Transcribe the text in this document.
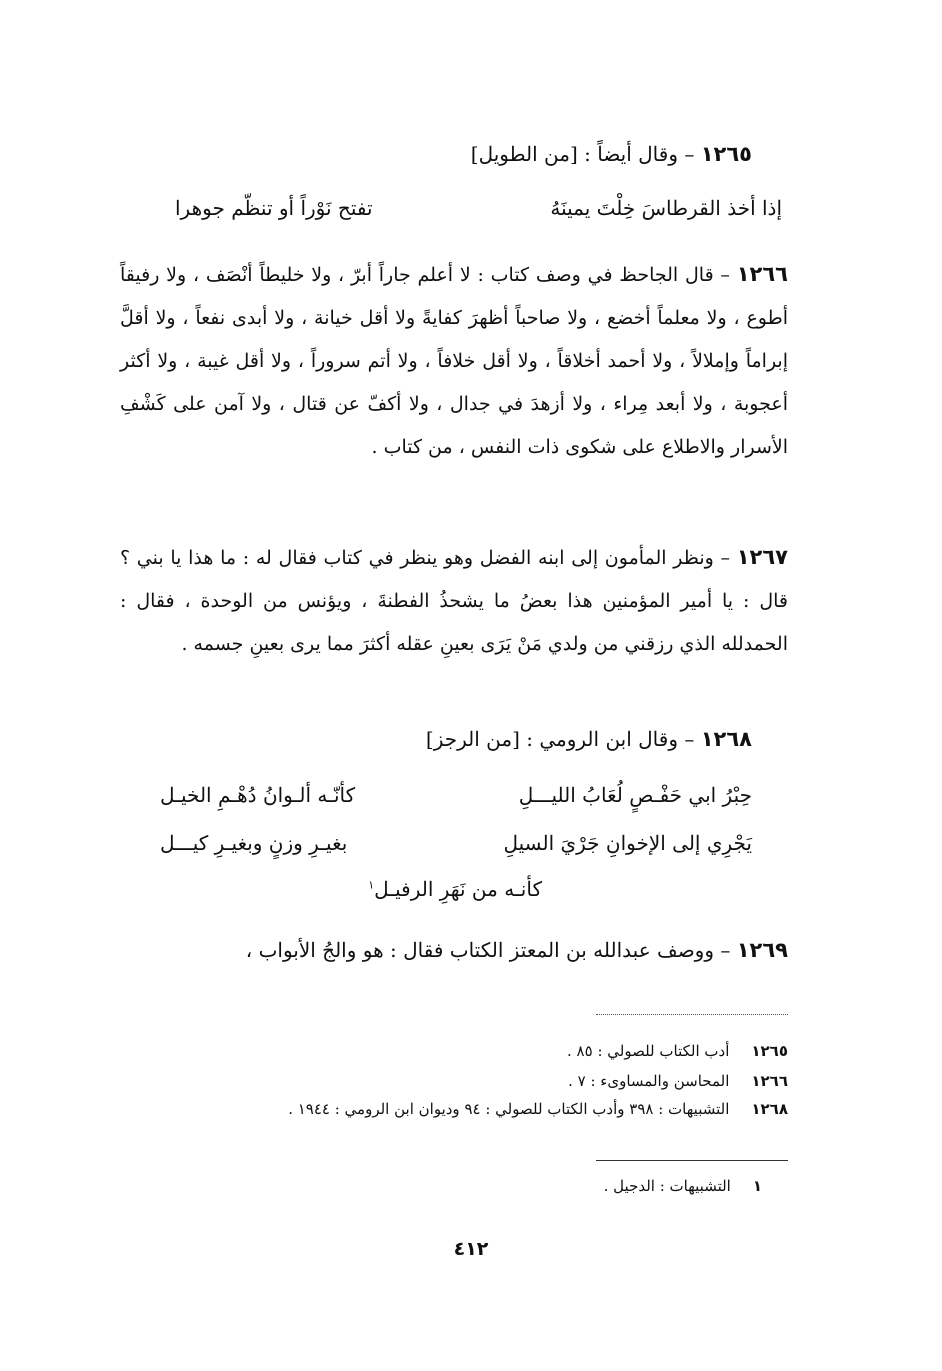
١٢٦٥ – وقال أيضاً : [من الطويل]
إذا أخذ القرطاسَ خِلْتَ يمينَهُ
تفتح نَوْراً أو تنظّم جوهرا
١٢٦٦ – قال الجاحظ في وصف كتاب : لا أعلم جاراً أبرّ ، ولا خليطاً أنْصَف ، ولا رفيقاً أطوع ، ولا معلماً أخضع ، ولا صاحباً أظهرَ كفايةً ولا أقل خيانة ، ولا أبدى نفعاً ، ولا أقلَّ إبراماً وإملالاً ، ولا أحمد أخلاقاً ، ولا أقل خلافاً ، ولا أتم سروراً ، ولا أقل غيبة ، ولا أكثر أعجوبة ، ولا أبعد مِراء ، ولا أزهدَ في جدال ، ولا أكفّ عن قتال ، ولا آمن على كَشْفِ الأسرار والاطلاع على شكوى ذات النفس ، من كتاب .
١٢٦٧ – ونظر المأمون إلى ابنه الفضل وهو ينظر في كتاب فقال له : ما هذا يا بني ؟ قال : يا أمير المؤمنين هذا بعضُ ما يشحذُ الفطنةَ ، ويؤنس من الوحدة ، فقال : الحمدلله الذي رزقني من ولدي مَنْ يَرَى بعينِ عقله أكثرَ مما يرى بعينِ جسمه .
١٢٦٨ – وقال ابن الرومي : [من الرجز]
حِبْرُ ابي حَفْـصٍ لُعَابُ الليـــلِ
كأنّـه ألـوانُ دُهْـمِ الخيـل
يَجْرِي إلى الإخوانِ جَرْيَ السيلِ
بغيـرِ وزنٍ وبغيـرِ كيـــل
كأنـه من نَهَرِ الرفيـل$^١$
١٢٦٩ – ووصف عبدالله بن المعتز الكتاب فقال : هو والجُ الأبواب ،
١٢٦٥أدب الكتاب للصولي : ٨٥ .
١٢٦٦المحاسن والمساوىء : ٧ .
١٢٦٨التشبيهات : ٣٩٨ وأدب الكتاب للصولي : ٩٤ وديوان ابن الرومي : ١٩٤٤ .
١التشبيهات : الدجيل .
٤١٢
